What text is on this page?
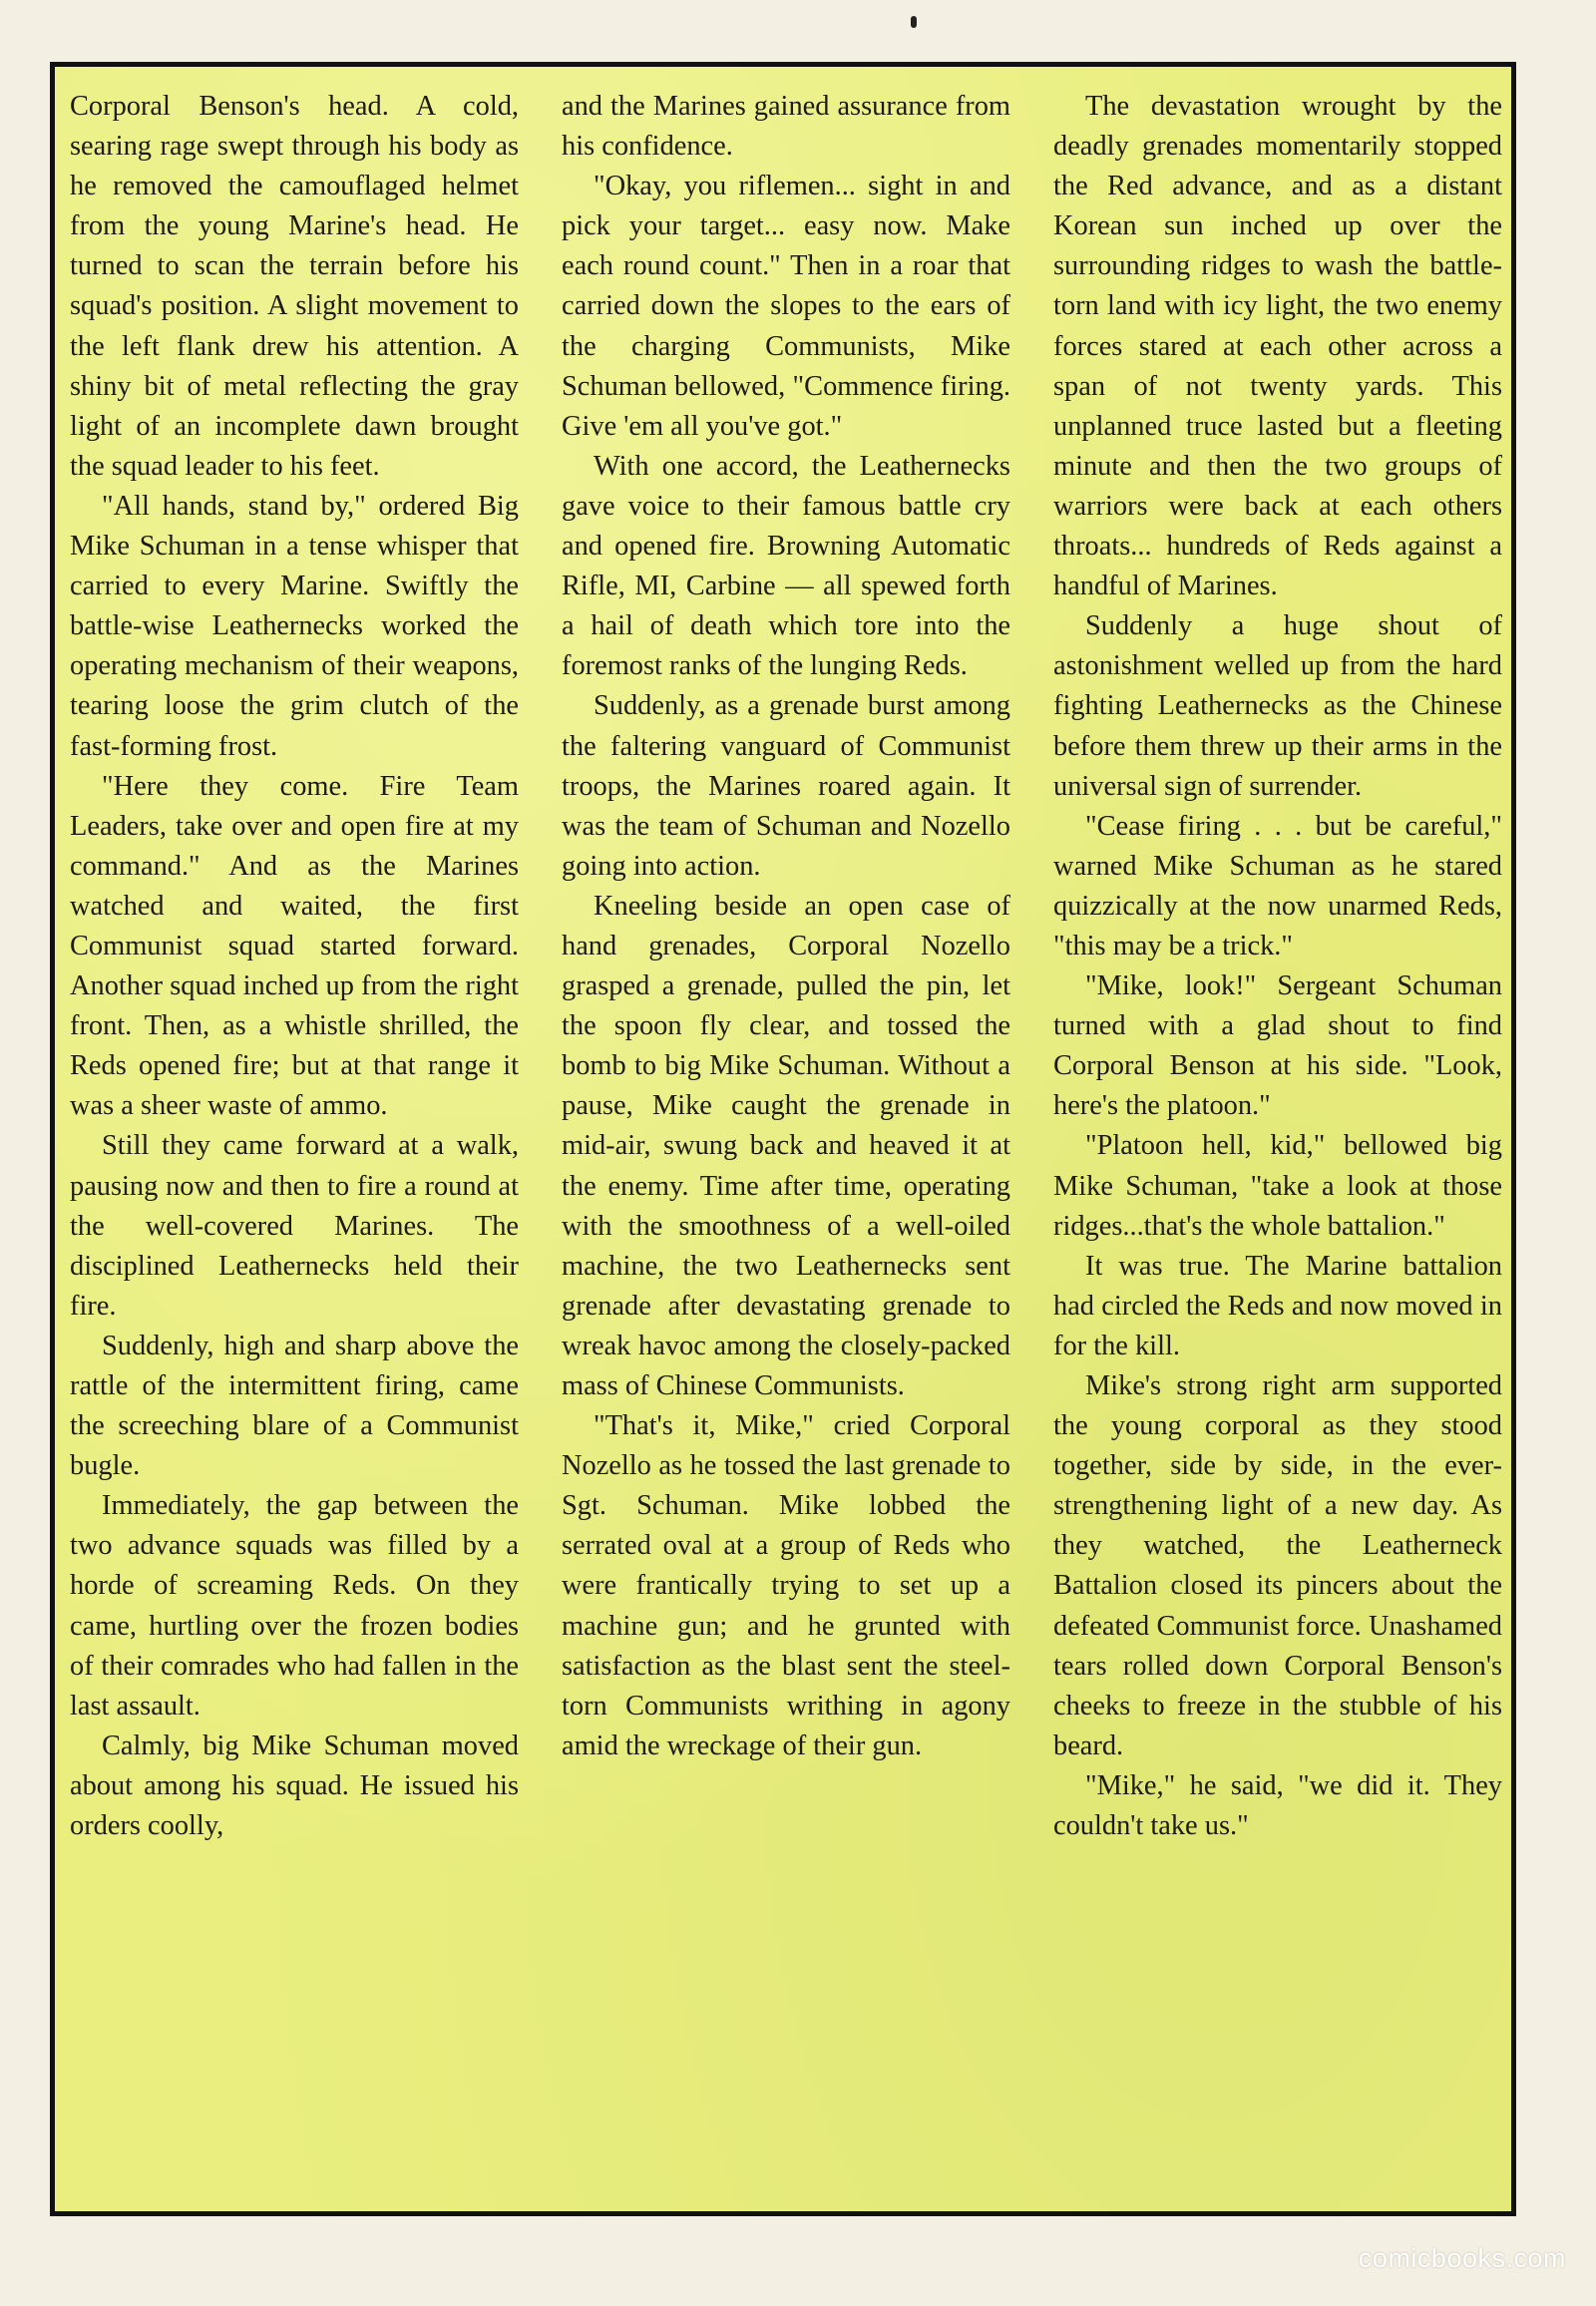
Corporal Benson's head. A cold, searing rage swept through his body as he removed the camouflaged helmet from the young Marine's head. He turned to scan the terrain before his squad's position. A slight movement to the left flank drew his attention. A shiny bit of metal reflecting the gray light of an incomplete dawn brought the squad leader to his feet.

"All hands, stand by," ordered Big Mike Schuman in a tense whisper that carried to every Marine. Swiftly the battle-wise Leathernecks worked the operating mechanism of their weapons, tearing loose the grim clutch of the fast-forming frost.

"Here they come. Fire Team Leaders, take over and open fire at my command." And as the Marines watched and waited, the first Communist squad started forward. Another squad inched up from the right front. Then, as a whistle shrilled, the Reds opened fire; but at that range it was a sheer waste of ammo.

Still they came forward at a walk, pausing now and then to fire a round at the well-covered Marines. The disciplined Leathernecks held their fire.

Suddenly, high and sharp above the rattle of the intermittent firing, came the screeching blare of a Communist bugle.

Immediately, the gap between the two advance squads was filled by a horde of screaming Reds. On they came, hurtling over the frozen bodies of their comrades who had fallen in the last assault.

Calmly, big Mike Schuman moved about among his squad. He issued his orders coolly,

and the Marines gained assurance from his confidence.

"Okay, you riflemen... sight in and pick your target... easy now. Make each round count." Then in a roar that carried down the slopes to the ears of the charging Communists, Mike Schuman bellowed, "Commence firing. Give 'em all you've got."

With one accord, the Leathernecks gave voice to their famous battle cry and opened fire. Browning Automatic Rifle, MI, Carbine — all spewed forth a hail of death which tore into the foremost ranks of the lunging Reds.

Suddenly, as a grenade burst among the faltering vanguard of Communist troops, the Marines roared again. It was the team of Schuman and Nozello going into action.

Kneeling beside an open case of hand grenades, Corporal Nozello grasped a grenade, pulled the pin, let the spoon fly clear, and tossed the bomb to big Mike Schuman. Without a pause, Mike caught the grenade in mid-air, swung back and heaved it at the enemy. Time after time, operating with the smoothness of a well-oiled machine, the two Leathernecks sent grenade after devastating grenade to wreak havoc among the closely-packed mass of Chinese Communists.

"That's it, Mike," cried Corporal Nozello as he tossed the last grenade to Sgt. Schuman. Mike lobbed the serrated oval at a group of Reds who were frantically trying to set up a machine gun; and he grunted with satisfaction as the blast sent the steel-torn Communists writhing in agony amid the wreckage of their gun.

The devastation wrought by the deadly grenades momentarily stopped the Red advance, and as a distant Korean sun inched up over the surrounding ridges to wash the battle-torn land with icy light, the two enemy forces stared at each other across a span of not twenty yards. This unplanned truce lasted but a fleeting minute and then the two groups of warriors were back at each others throats... hundreds of Reds against a handful of Marines.

Suddenly a huge shout of astonishment welled up from the hard fighting Leathernecks as the Chinese before them threw up their arms in the universal sign of surrender.

"Cease firing . . . but be careful," warned Mike Schuman as he stared quizzically at the now unarmed Reds, "this may be a trick."

"Mike, look!" Sergeant Schuman turned with a glad shout to find Corporal Benson at his side. "Look, here's the platoon."

"Platoon hell, kid," bellowed big Mike Schuman, "take a look at those ridges...that's the whole battalion."

It was true. The Marine battalion had circled the Reds and now moved in for the kill.

Mike's strong right arm supported the young corporal as they stood together, side by side, in the ever-strengthening light of a new day. As they watched, the Leatherneck Battalion closed its pincers about the defeated Communist force. Unashamed tears rolled down Corporal Benson's cheeks to freeze in the stubble of his beard.

"Mike," he said, "we did it. They couldn't take us."

comicbooks.com
